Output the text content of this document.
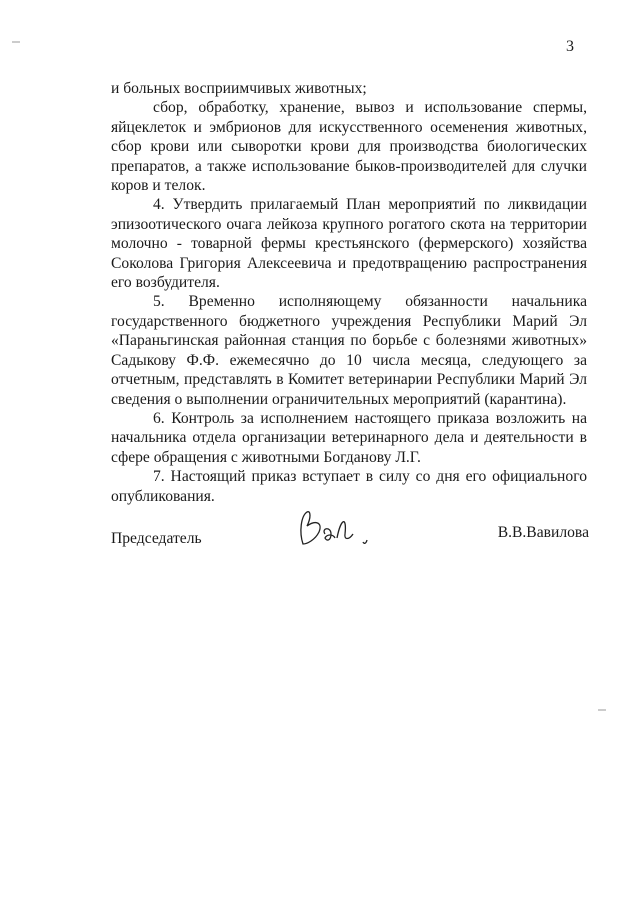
3

и больных восприимчивых животных;

сбор, обработку, хранение, вывоз и использование спермы, яйцеклеток и эмбрионов для искусственного осеменения животных, сбор крови или сыворотки крови для производства биологических препаратов, а также использование быков-производителей для случки коров и телок.

4. Утвердить прилагаемый План мероприятий по ликвидации эпизоотического очага лейкоза крупного рогатого скота на территории молочно - товарной фермы крестьянского (фермерского) хозяйства Соколова Григория Алексеевича и предотвращению распространения его возбудителя.

5. Временно исполняющему обязанности начальника государственного бюджетного учреждения Республики Марий Эл «Параньгинская районная станция по борьбе с болезнями животных» Садыкову Ф.Ф. ежемесячно до 10 числа месяца, следующего за отчетным, представлять в Комитет ветеринарии Республики Марий Эл сведения о выполнении ограничительных мероприятий (карантина).

6. Контроль за исполнением настоящего приказа возложить на начальника отдела организации ветеринарного дела и деятельности в сфере обращения с животными Богданову Л.Г.

7. Настоящий приказ вступает в силу со дня его официального опубликования.

Председатель	В.В.Вавилова
